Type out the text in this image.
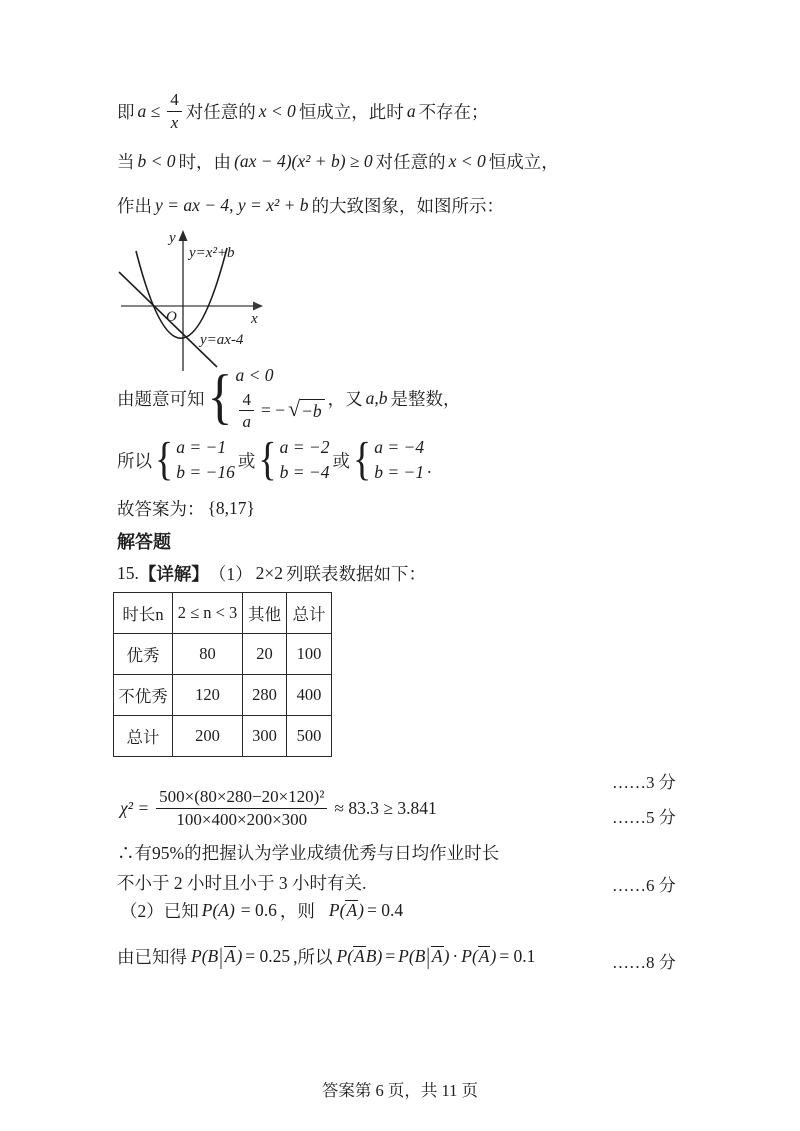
即 $a \le \frac{4}{x}$ 对任意的 x < 0 恒成立，此时 a 不存在；
当 b < 0 时，由 (ax − 4)(x² + b) ≥ 0 对任意的 x < 0 恒成立，
作出 y = ax − 4, y = x² + b 的大致图象，如图所示：
y
x
O
y=x²+b
y=ax-4
由题意可知 { a < 0
$\frac{4}{a}$ = − √ −b
，又 a,b 是整数，
所以 { a = −1
b = −16
或 { a = −2
b = −4
或 { a = −4
b = −1 .
故答案为： {8,17}
解答题
15. 【详解】 （1） 2×2 列联表数据如下：
时长n	2 ≤ n < 3	其他	总计
优秀	80	20	100
不优秀	120	280	400
总计	200	300	500
……3 分
……5 分
……6 分
……8 分
$\chi^2 = \frac{\text{500×(80×280−20×120)²}}{100\times 400\times 200\times 300} \approx 83.3 \ge 3.841$
∴有95%的把握认为学业成绩优秀与日均作业时长
不小于 2 小时且小于 3 小时有关.
（2）已知 P(A) = 0.6 ，则 P(A) = 0.4
由已知得 P(B| A) = 0.25 ,所以 P(AB) = P(B| A) · P(A) = 0.1
答案第 6 页，共 11 页
